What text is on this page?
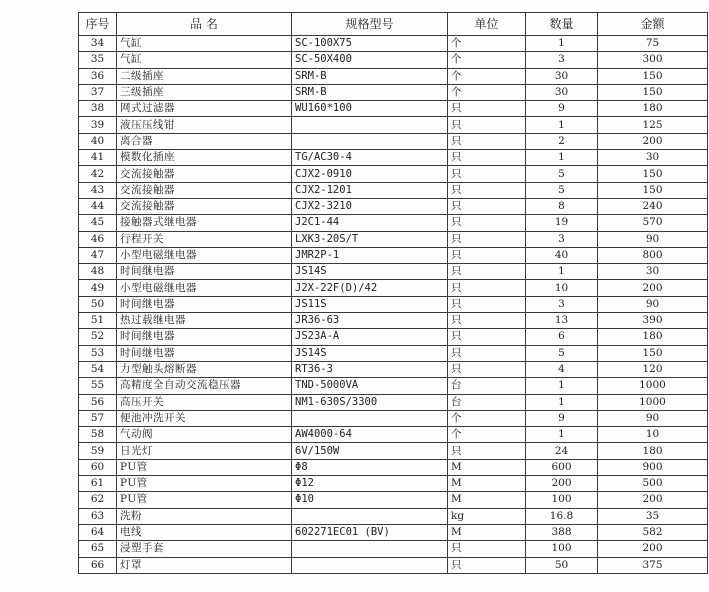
序号	品 名	规格型号	单位	数量	金额
34	气缸	SC-100X75	个	1	75
35	气缸	SC-50X400	个	3	300
36	二级插座	SRM-B	个	30	150
37	三级插座	SRM-B	个	30	150
38	网式过滤器	WU160*100	只	9	180
39	液压压线钳		只	1	125
40	离合器		只	2	200
41	模数化插座	TG/AC30-4	只	1	30
42	交流接触器	CJX2-0910	只	5	150
43	交流接触器	CJX2-1201	只	5	150
44	交流接触器	CJX2-3210	只	8	240
45	接触器式继电器	J2C1-44	只	19	570
46	行程开关	LXK3-20S/T	只	3	90
47	小型电磁继电器	JMR2P-1	只	40	800
48	时间继电器	JS14S	只	1	30
49	小型电磁继电器	J2X-22F(D)/42	只	10	200
50	时间继电器	JS11S	只	3	90
51	热过载继电器	JR36-63	只	13	390
52	时间继电器	JS23A-A	只	6	180
53	时间继电器	JS14S	只	5	150
54	力型触头熔断器	RT36-3	只	4	120
55	高精度全自动交流稳压器	TND-5000VA	台	1	1000
56	高压开关	NM1-630S/3300	台	1	1000
57	便池冲洗开关		个	9	90
58	气动阀	AW4000-64	个	1	10
59	日光灯	6V/150W	只	24	180
60	PU管	Φ8	M	600	900
61	PU管	Φ12	M	200	500
62	PU管	Φ10	M	100	200
63	洗粉		kg	16.8	35
64	电线	602271EC01 (BV)	M	388	582
65	浸塑手套		只	100	200
66	灯罩		只	50	375
